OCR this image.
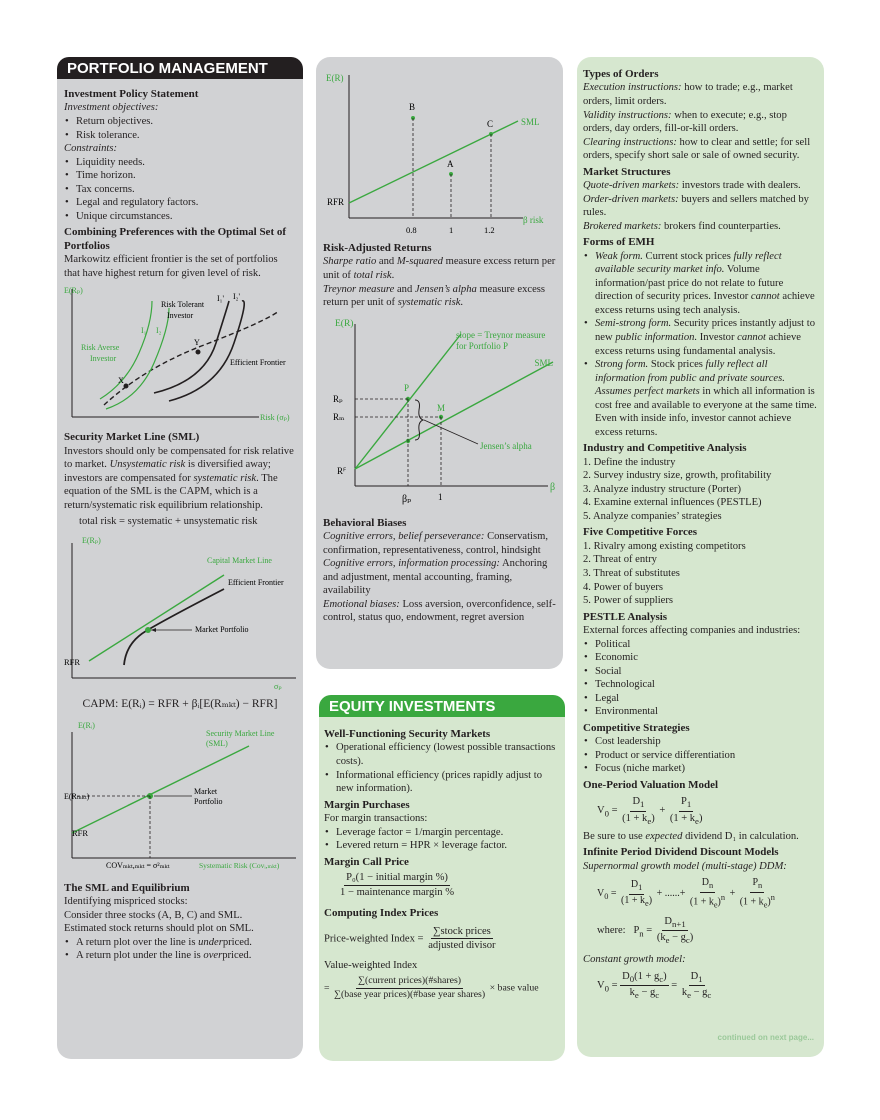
Investment Policy Statement

Investment objectives:

• Return objectives.
• Risk tolerance.

Constraints:

• Liquidity needs.
• Time horizon.
• Tax concerns.
• Legal and regulatory factors.
• Unique circumstances.
Combining Preferences with the Optimal Set of Portfolios

Markowitz efficient frontier is the set of portfolios that have highest return for given level of risk.

E(Rₚ)
Risk (σₚ)
X
Y
Risk Tolerant
Investor
Risk Averse
Investor	Efficient Frontier
I₁ I₂
I₁' I₂'
Security Market Line (SML)

Investors should only be compensated for risk relative to market. Unsystematic risk is diversified away; investors are compensated for systematic risk. The equation of the SML is the CAPM, which is a return/systematic risk equilibrium relationship.

total risk = systematic + unsystematic risk

E(Rₚ)
σₚ
Capital Market Line
Efficient Frontier
Market Portfolio
RFR

CAPM: E(Rᵢ) = RFR + βᵢ[E(Rₘₖₜ) − RFR]

E(Rᵢ)
Security Market Line
(SML)
Market
Portfolio
E(Rₘₖₜ)
RFR
COVₘₖₜ,ₘₖₜ = σ²ₘₖₜ	Systematic Risk (Covᵢ,ₘₖₜ)
The SML and Equilibrium

Identifying mispriced stocks:

Consider three stocks (A, B, C) and SML.

Estimated stock returns should plot on SML.

• A return plot over the line is underpriced.
• A return plot under the line is overpriced.
PORTFOLIO MANAGEMENT
E(R)
β risk
SML
RFR
B
A
C
0.8	1	1.2
Risk-Adjusted Returns

Sharpe ratio and M-squared measure excess return per unit of total risk.

Treynor measure and Jensen’s alpha measure excess return per unit of systematic risk.

E(R)
β
slope = Treynor measure
for Portfolio P
SML
P
M
Rₚ
Rₘ
Rꟳ
Jensen’s alpha
βₚ	1
Behavioral Biases

Cognitive errors, belief perseverance: Conservatism, confirmation, representativeness, control, hindsight

Cognitive errors, information processing: Anchoring and adjustment, mental accounting, framing, availability

Emotional biases: Loss aversion, overconfidence, self-control, status quo, endowment, regret aversion

Well-Functioning Security Markets
• Operational efficiency (lowest possible transactions costs).
• Informational efficiency (prices rapidly adjust to new information).
Margin Purchases

For margin transactions:

• Leverage factor = 1/margin percentage.
• Levered return = HPR × leverage factor.
Margin Call Price
$\frac{\text{P₀(1 − initial margin \%)}}{\text{1 − maintenance margin \%}}$
Computing Index Prices
Price-weighted Index = $\frac{\text{∑stock prices}}{\text{adjusted divisor}}$

Value-weighted Index

= $\frac{\text{∑(current prices)(\#shares)}}{\text{∑(base year prices)(\#base year shares)}}$ × base value
EQUITY INVESTMENTS
Types of Orders

Execution instructions: how to trade; e.g., market orders, limit orders.

Validity instructions: when to execute; e.g., stop orders, day orders, fill-or-kill orders.

Clearing instructions: how to clear and settle; for sell orders, specify short sale or sale of owned security.

Market Structures

Quote-driven markets: investors trade with dealers.

Order-driven markets: buyers and sellers matched by rules.

Brokered markets: brokers find counterparties.

Forms of EMH
• Weak form. Current stock prices fully reflect available security market info. Volume information/past price do not relate to future direction of security prices. Investor cannot achieve excess returns using tech analysis.
• Semi-strong form. Security prices instantly adjust to new public information. Investor cannot achieve excess returns using fundamental analysis.
• Strong form. Stock prices fully reflect all information from public and private sources. Assumes perfect markets in which all information is cost free and available to everyone at the same time. Even with inside info, investor cannot achieve excess returns.
Industry and Competitive Analysis

1. Define the industry

2. Survey industry size, growth, profitability

3. Analyze industry structure (Porter)

4. Examine external influences (PESTLE)

5. Analyze companies’ strategies

Five Competitive Forces

1. Rivalry among existing competitors

2. Threat of entry

3. Threat of substitutes

4. Power of buyers

5. Power of suppliers

PESTLE Analysis

External forces affecting companies and industries:

• Political
• Economic
• Social
• Technological
• Legal
• Environmental
Competitive Strategies
• Cost leadership
• Product or service differentiation
• Focus (niche market)
One-Period Valuation Model
$V_0 = \frac{D_1}{(1 + k_e)} + \frac{P_1}{(1 + k_e)}$

Be sure to use expected dividend D₁ in calculation.

Infinite Period Dividend Discount Models

Supernormal growth model (multi-stage) DDM:

$V_0 = \frac{D_1}{(1 + k_e)}$ + ......+ $\frac{D_n}{(1 + k_e)^n} + \frac{P_n}{(1 + k_e)^n}$
where:   $P_n = \frac{D_{n+1}}{(k_e - g_c)}$

Constant growth model:

$V_0 = \frac{D_0(1 + g_c)}{k_e - g_c} = \frac{D_1}{k_e - g_c}$
continued on next page...
